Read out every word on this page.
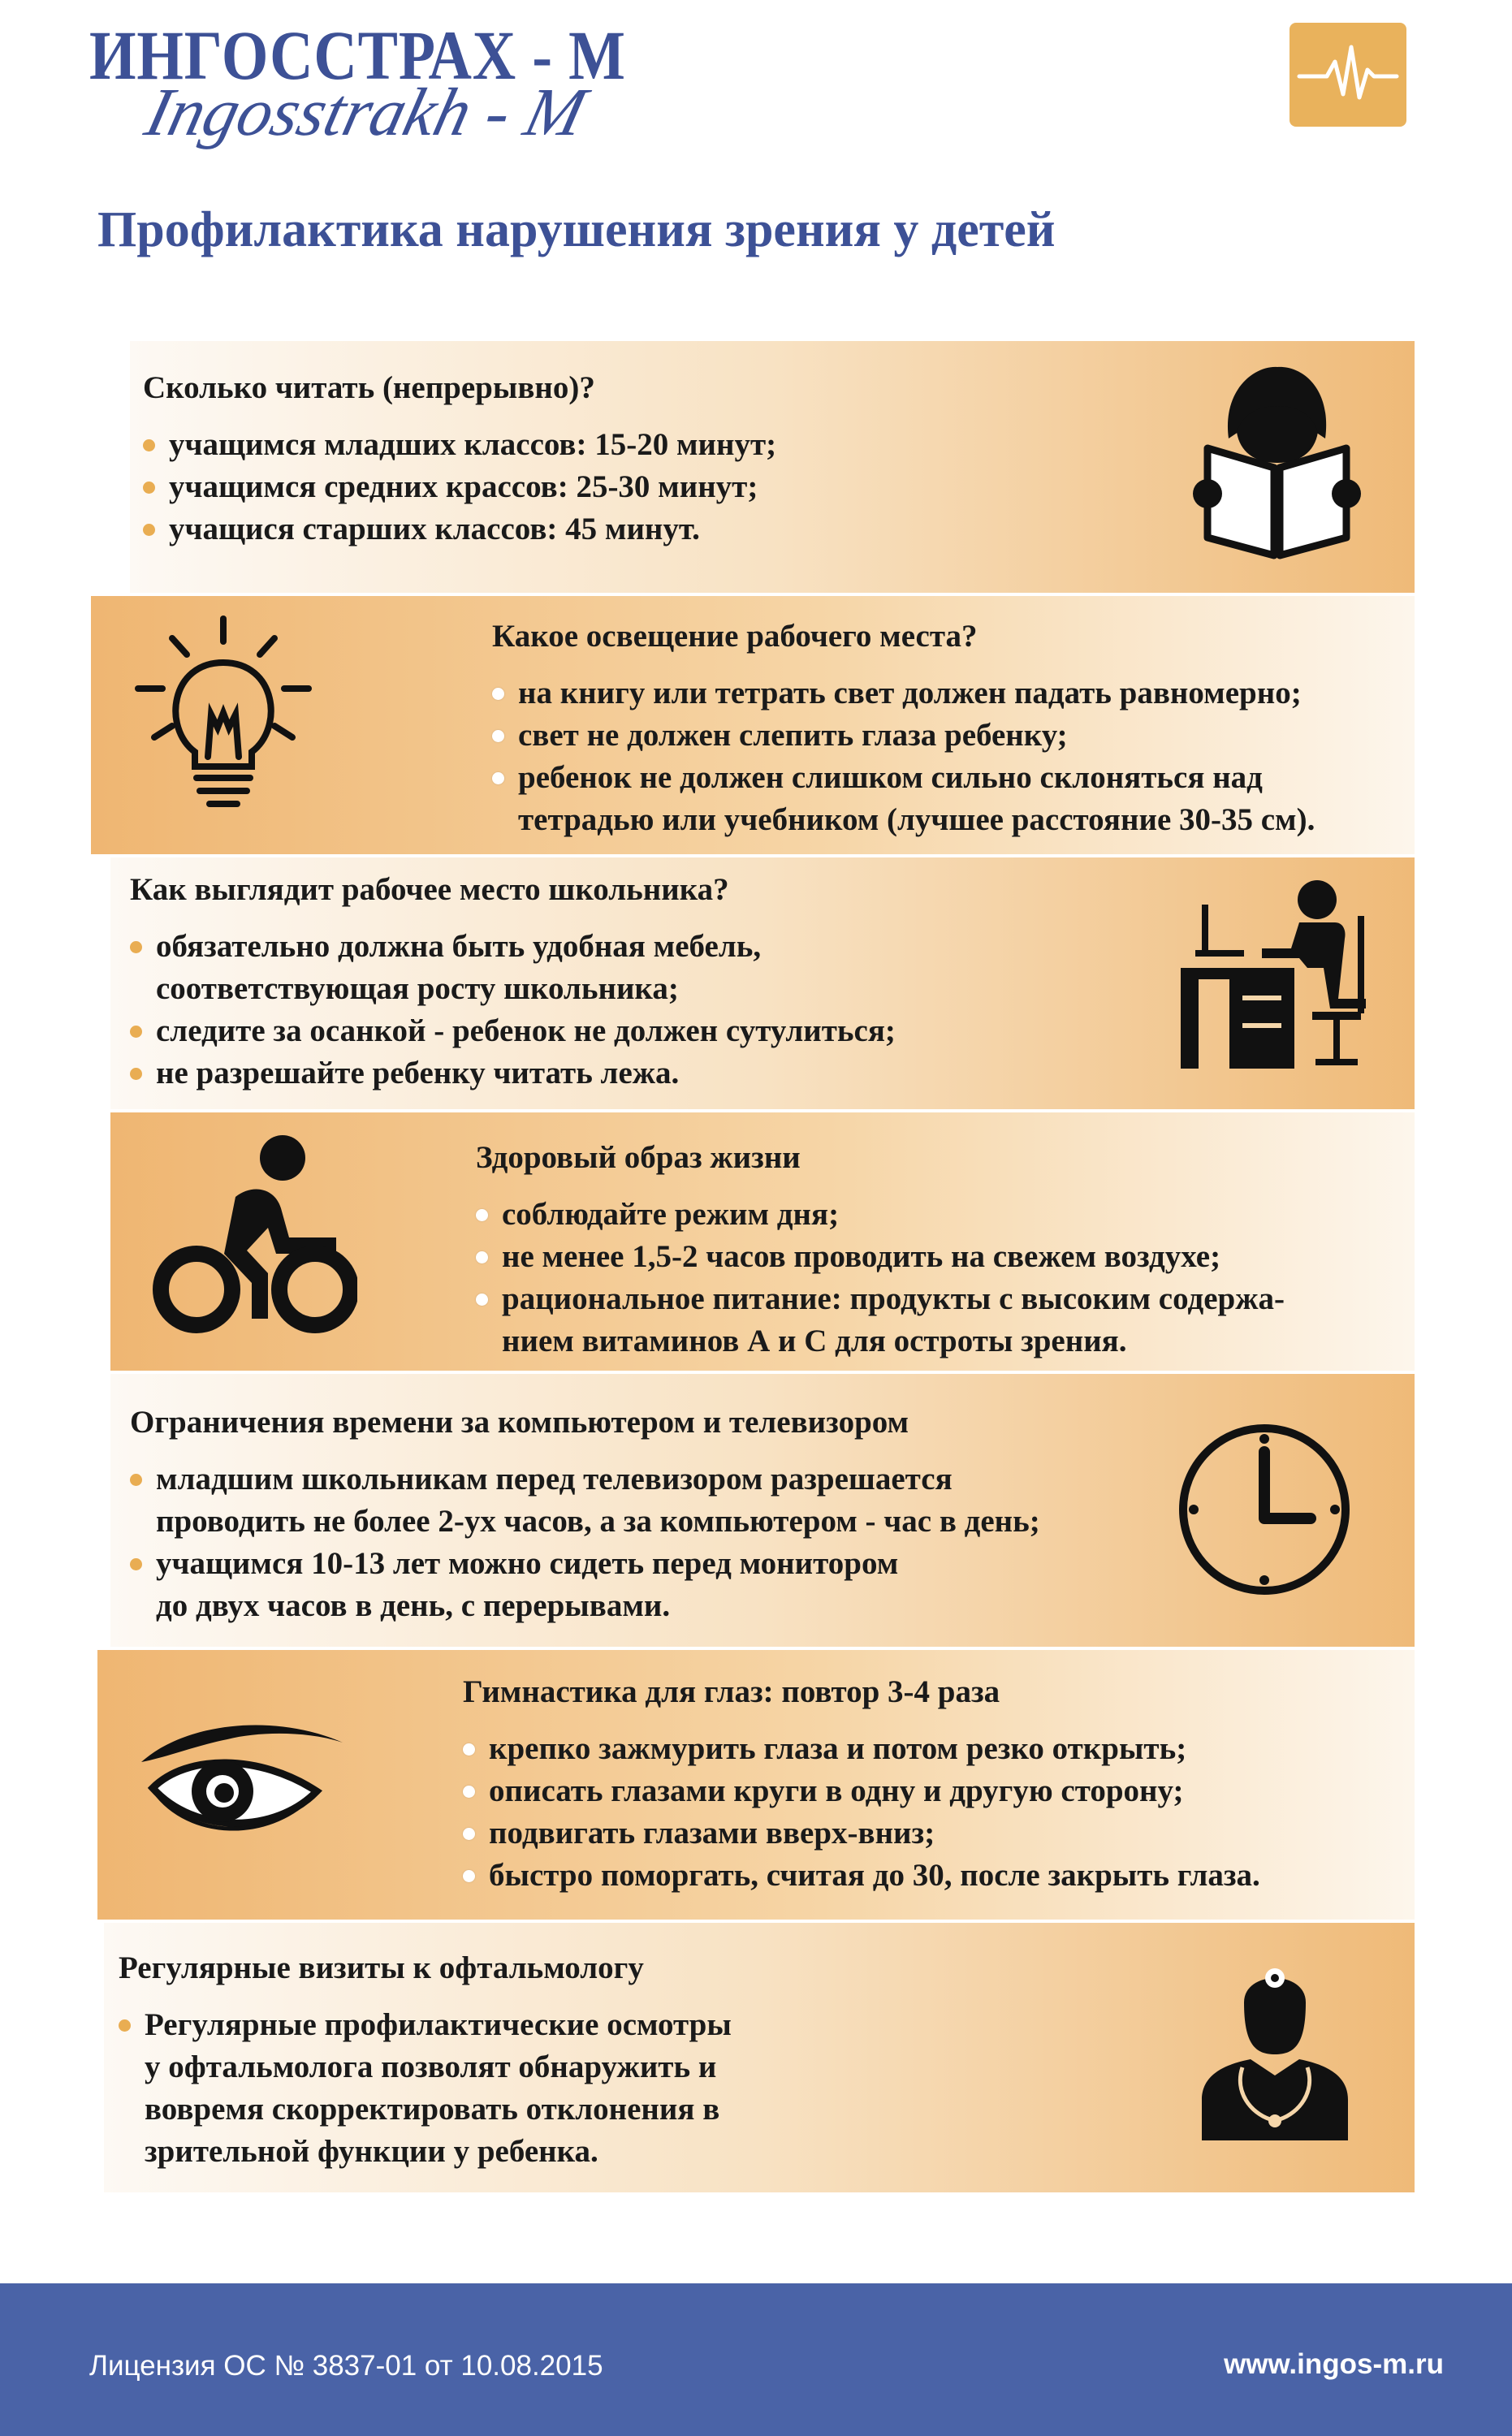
ИНГОССТРАХ - М
Ingosstrakh - M
Профилактика нарушения зрения у детей
Сколько читать (непрерывно)?
учащимся младших классов: 15-20 минут;
учащимся средних крассов: 25-30 минут;
учащися старших классов: 45 минут.
Какое освещение рабочего места?
на книгу или тетрать свет должен падать равномерно;
свет не должен слепить глаза ребенку;
ребенок не должен слишком сильно склоняться над
тетрадью или учебником (лучшее расстояние 30-35 см).
Как выглядит рабочее место школьника?
обязательно должна быть удобная мебель,
соответствующая росту школьника;
следите за осанкой - ребенок не должен сутулиться;
не разрешайте ребенку читать лежа.
Здоровый образ жизни
соблюдайте режим дня;
не менее 1,5-2 часов проводить на свежем воздухе;
рациональное питание: продукты с высоким содержа-
нием витаминов А и С для остроты зрения.
Ограничения времени за компьютером и телевизором
младшим школьникам перед телевизором разрешается
проводить не более 2-ух часов, а за компьютером - час в день;
учащимся 10-13 лет можно сидеть перед монитором
до двух часов в день, с перерывами.
Гимнастика для глаз: повтор 3-4 раза
крепко зажмурить глаза и потом резко открыть;
описать глазами круги в одну и другую сторону;
подвигать глазами вверх-вниз;
быстро поморгать, считая до 30, после закрыть глаза.
Регулярные визиты к офтальмологу
Регулярные профилактические осмотры
у офтальмолога позволят обнаружить и
вовремя скорректировать отклонения в
зрительной функции у ребенка.
Лицензия ОС № 3837-01 от 10.08.2015	www.ingos-m.ru
